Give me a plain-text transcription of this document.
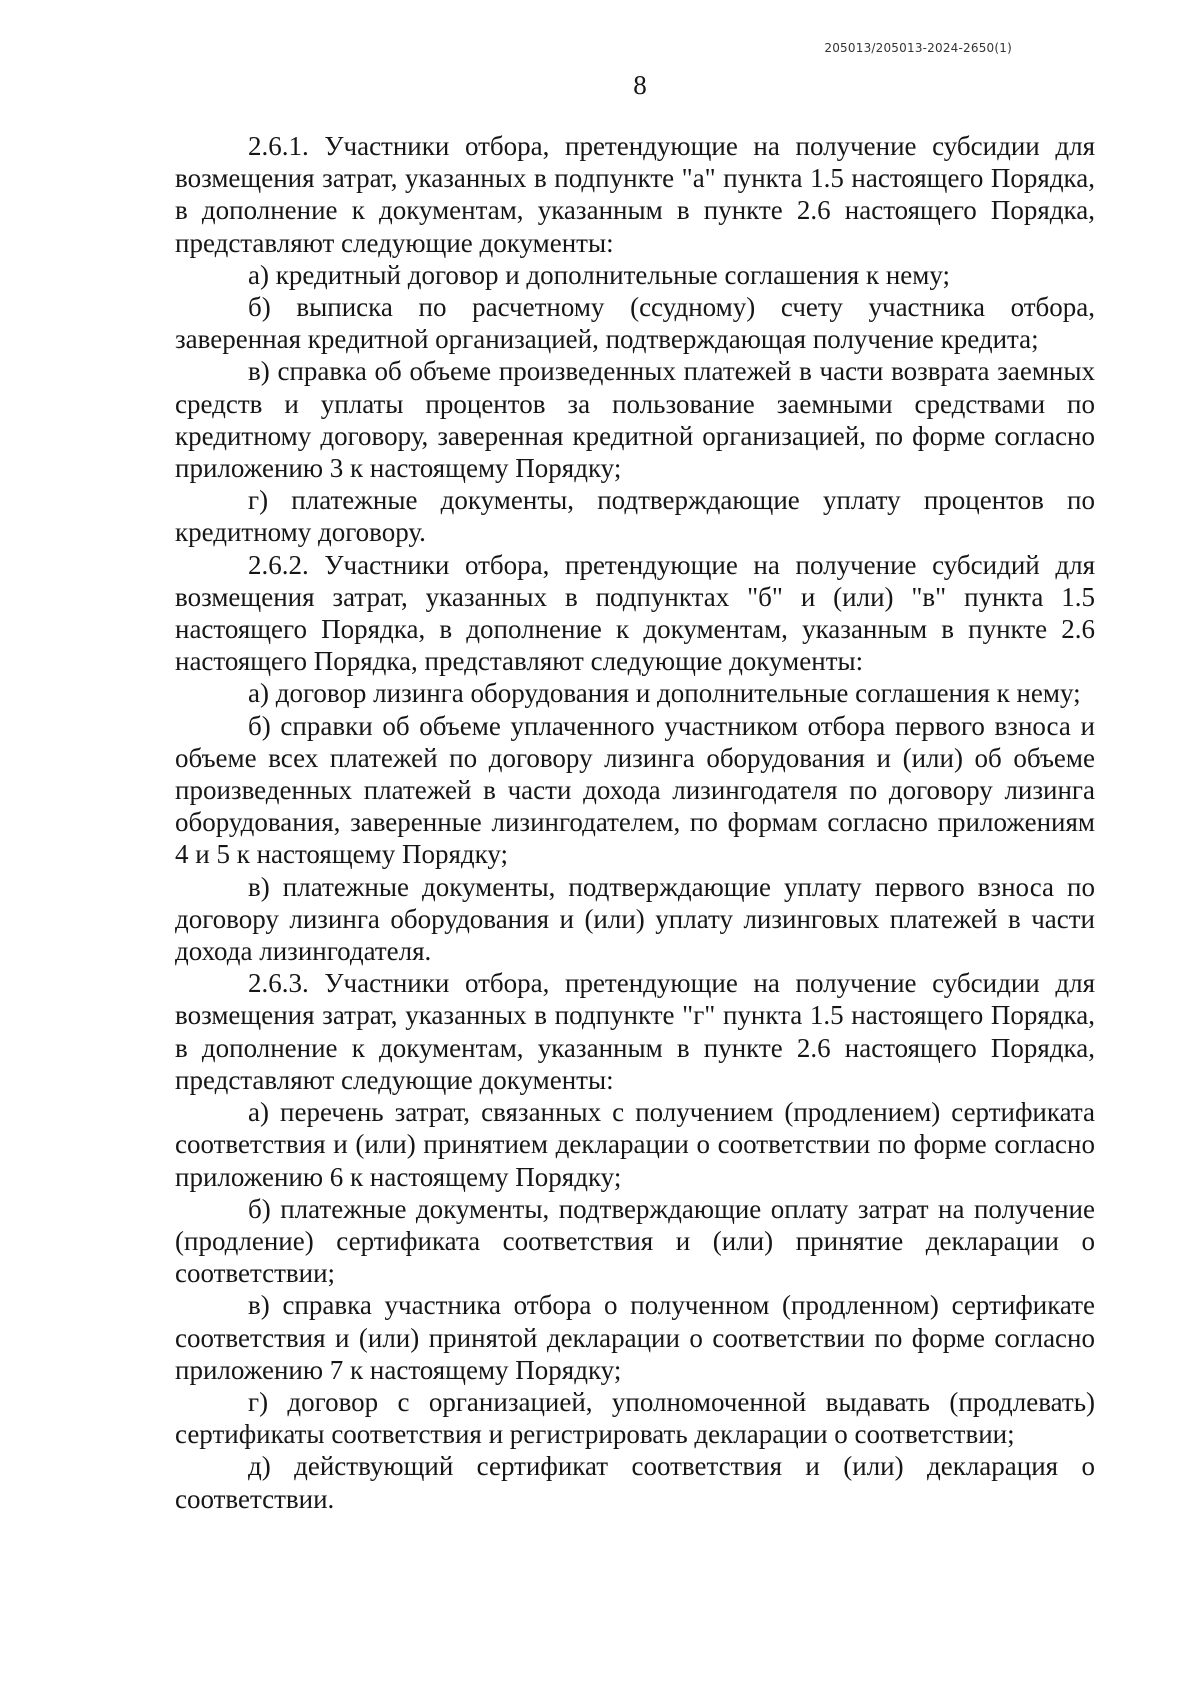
205013/205013-2024-2650(1)
8

2.6.1. Участники отбора, претендующие на получение субсидии для возмещения затрат, указанных в подпункте "а" пункта 1.5 настоящего Порядка, в дополнение к документам, указанным в пункте 2.6 настоящего Порядка, представляют следующие документы:

а) кредитный договор и дополнительные соглашения к нему;

б) выписка по расчетному (ссудному) счету участника отбора, заверенная кредитной организацией, подтверждающая получение кредита;

в) справка об объеме произведенных платежей в части возврата заемных средств и уплаты процентов за пользование заемными средствами по кредитному договору, заверенная кредитной организацией, по форме согласно приложению 3 к настоящему Порядку;

г) платежные документы, подтверждающие уплату процентов по кредитному договору.

2.6.2. Участники отбора, претендующие на получение субсидий для возмещения затрат, указанных в подпунктах "б" и (или) "в" пункта 1.5 настоящего Порядка, в дополнение к документам, указанным в пункте 2.6 настоящего Порядка, представляют следующие документы:

а) договор лизинга оборудования и дополнительные соглашения к нему;

б) справки об объеме уплаченного участником отбора первого взноса и объеме всех платежей по договору лизинга оборудования и (или) об объеме произведенных платежей в части дохода лизингодателя по договору лизинга оборудования, заверенные лизингодателем, по формам согласно приложениям 4 и 5 к настоящему Порядку;

в) платежные документы, подтверждающие уплату первого взноса по договору лизинга оборудования и (или) уплату лизинговых платежей в части дохода лизингодателя.

2.6.3. Участники отбора, претендующие на получение субсидии для возмещения затрат, указанных в подпункте "г" пункта 1.5 настоящего Порядка, в дополнение к документам, указанным в пункте 2.6 настоящего Порядка, представляют следующие документы:

а) перечень затрат, связанных с получением (продлением) сертификата соответствия и (или) принятием декларации о соответствии по форме согласно приложению 6 к настоящему Порядку;

б) платежные документы, подтверждающие оплату затрат на получение (продление) сертификата соответствия и (или) принятие декларации о соответствии;

в) справка участника отбора о полученном (продленном) сертификате соответствия и (или) принятой декларации о соответствии по форме согласно приложению 7 к настоящему Порядку;

г) договор с организацией, уполномоченной выдавать (продлевать) сертификаты соответствия и регистрировать декларации о соответствии;

д) действующий сертификат соответствия и (или) декларация о соответствии.
